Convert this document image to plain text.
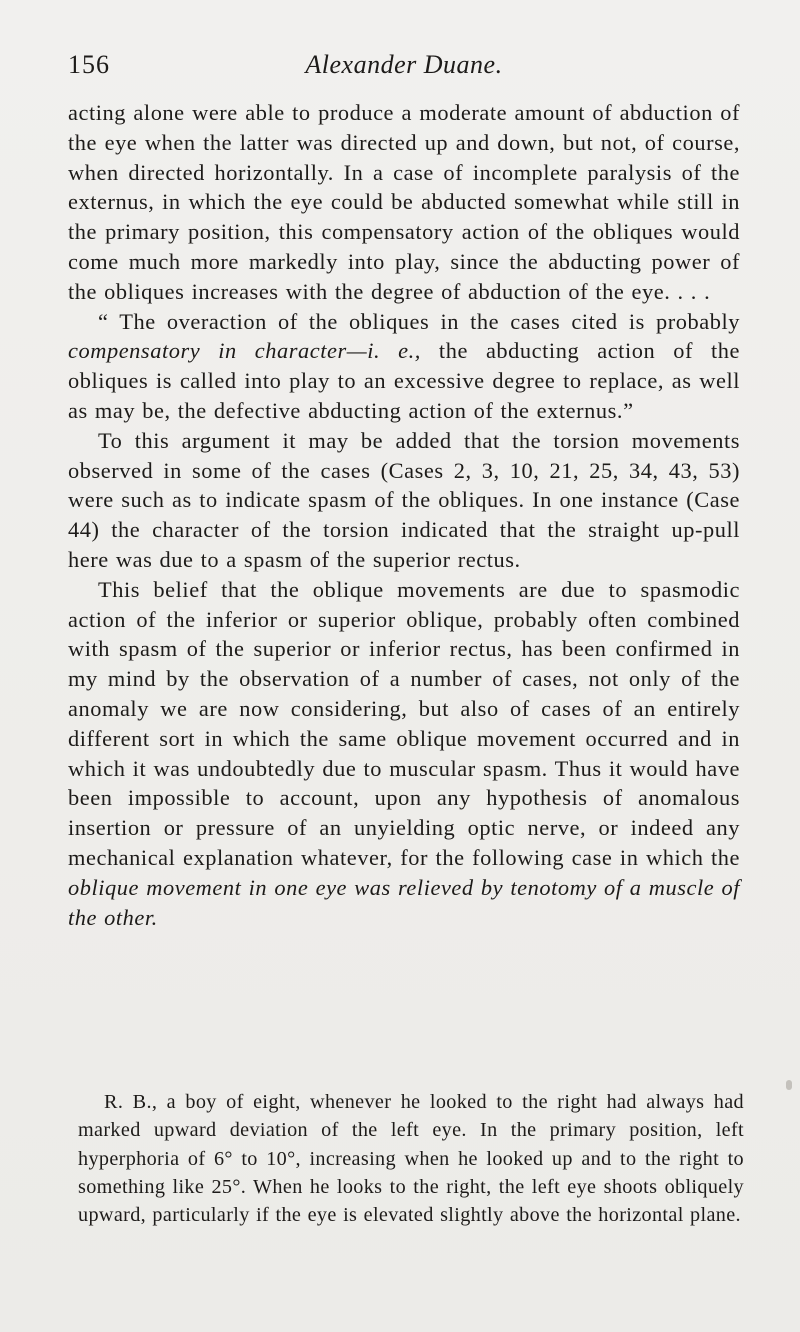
156	Alexander Duane.

acting alone were able to produce a moderate amount of abduction of the eye when the latter was directed up and down, but not, of course, when directed horizontally. In a case of incomplete paralysis of the externus, in which the eye could be abducted somewhat while still in the primary position, this compensatory action of the obliques would come much more markedly into play, since the abducting power of the obliques increases with the degree of abduction of the eye. . . .

“ The overaction of the obliques in the cases cited is probably compensatory in character—i. e., the abducting action of the obliques is called into play to an excessive degree to replace, as well as may be, the defective abducting action of the externus.”

To this argument it may be added that the torsion movements observed in some of the cases (Cases 2, 3, 10, 21, 25, 34, 43, 53) were such as to indicate spasm of the obliques. In one instance (Case 44) the character of the torsion indicated that the straight up-pull here was due to a spasm of the superior rectus.

This belief that the oblique movements are due to spasmodic action of the inferior or superior oblique, probably often combined with spasm of the superior or inferior rectus, has been confirmed in my mind by the observation of a number of cases, not only of the anomaly we are now considering, but also of cases of an entirely different sort in which the same oblique movement occurred and in which it was undoubtedly due to muscular spasm. Thus it would have been impossible to account, upon any hypothesis of anomalous insertion or pressure of an unyielding optic nerve, or indeed any mechanical explanation whatever, for the following case in which the oblique movement in one eye was relieved by tenotomy of a muscle of the other.

R. B., a boy of eight, whenever he looked to the right had always had marked upward deviation of the left eye. In the primary position, left hyperphoria of 6° to 10°, increasing when he looked up and to the right to something like 25°. When he looks to the right, the left eye shoots obliquely upward, particularly if the eye is elevated slightly above the horizontal plane.
